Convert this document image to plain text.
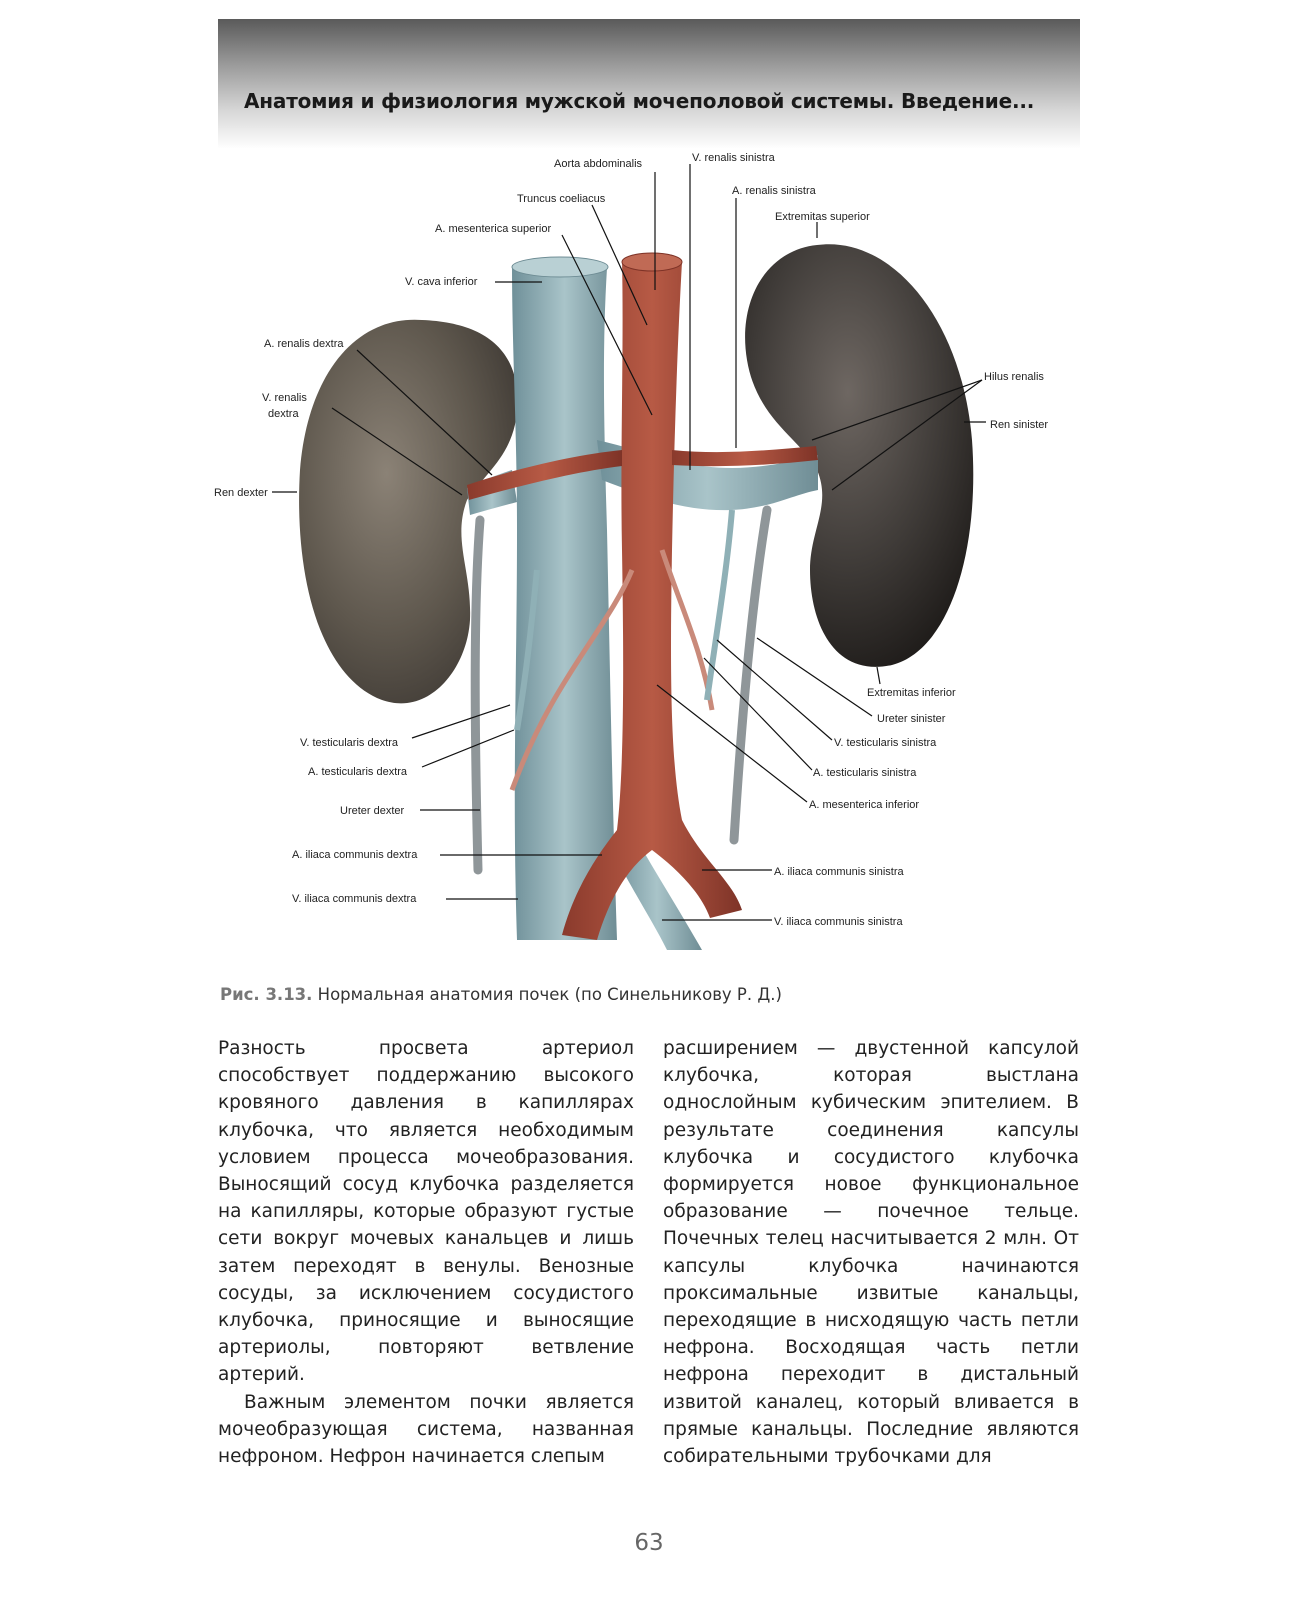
Анатомия и физиология мужской мочеполовой системы. Введение...
Aorta abdominalis	V. renalis sinistra
Truncus coeliacus
A. renalis sinistra
Extremitas superior
A. mesenterica superior
V. cava inferior
A. renalis dextra
V. renalis
dextra
Hilus renalis
Ren sinister
Ren dexter
Extremitas inferior
Ureter sinister
V. testicularis dextra	V. testicularis sinistra
A. testicularis dextra	A. testicularis sinistra
Ureter dexter	A. mesenterica inferior
A. iliaca communis dextra
A. iliaca communis sinistra
V. iliaca communis dextra
V. iliaca communis sinistra
Рис. 3.13. Нормальная анатомия почек (по Синельникову Р. Д.)

Разность просвета артериол способствует поддержанию высокого кровяного давления в капиллярах клубочка, что является необходимым условием процесса мочеобразования. Выносящий сосуд клубочка разделяется на капилляры, которые образуют густые сети вокруг мочевых канальцев и лишь затем переходят в венулы. Венозные сосуды, за исключением сосудистого клубочка, приносящие и выносящие артериолы, повторяют ветвление артерий.

Важным элементом почки является мочеобразующая система, названная нефроном. Нефрон начинается слепым

расширением — двустенной капсулой клубочка, которая выстлана однослойным кубическим эпителием. В результате соединения капсулы клубочка и сосудистого клубочка формируется новое функциональное образование — почечное тельце. Почечных телец насчитывается 2 млн. От капсулы клубочка начинаются проксимальные извитые канальцы, переходящие в нисходящую часть петли нефрона. Восходящая часть петли нефрона переходит в дистальный извитой каналец, который вливается в прямые канальцы. Последние являются собирательными трубочками для

63
